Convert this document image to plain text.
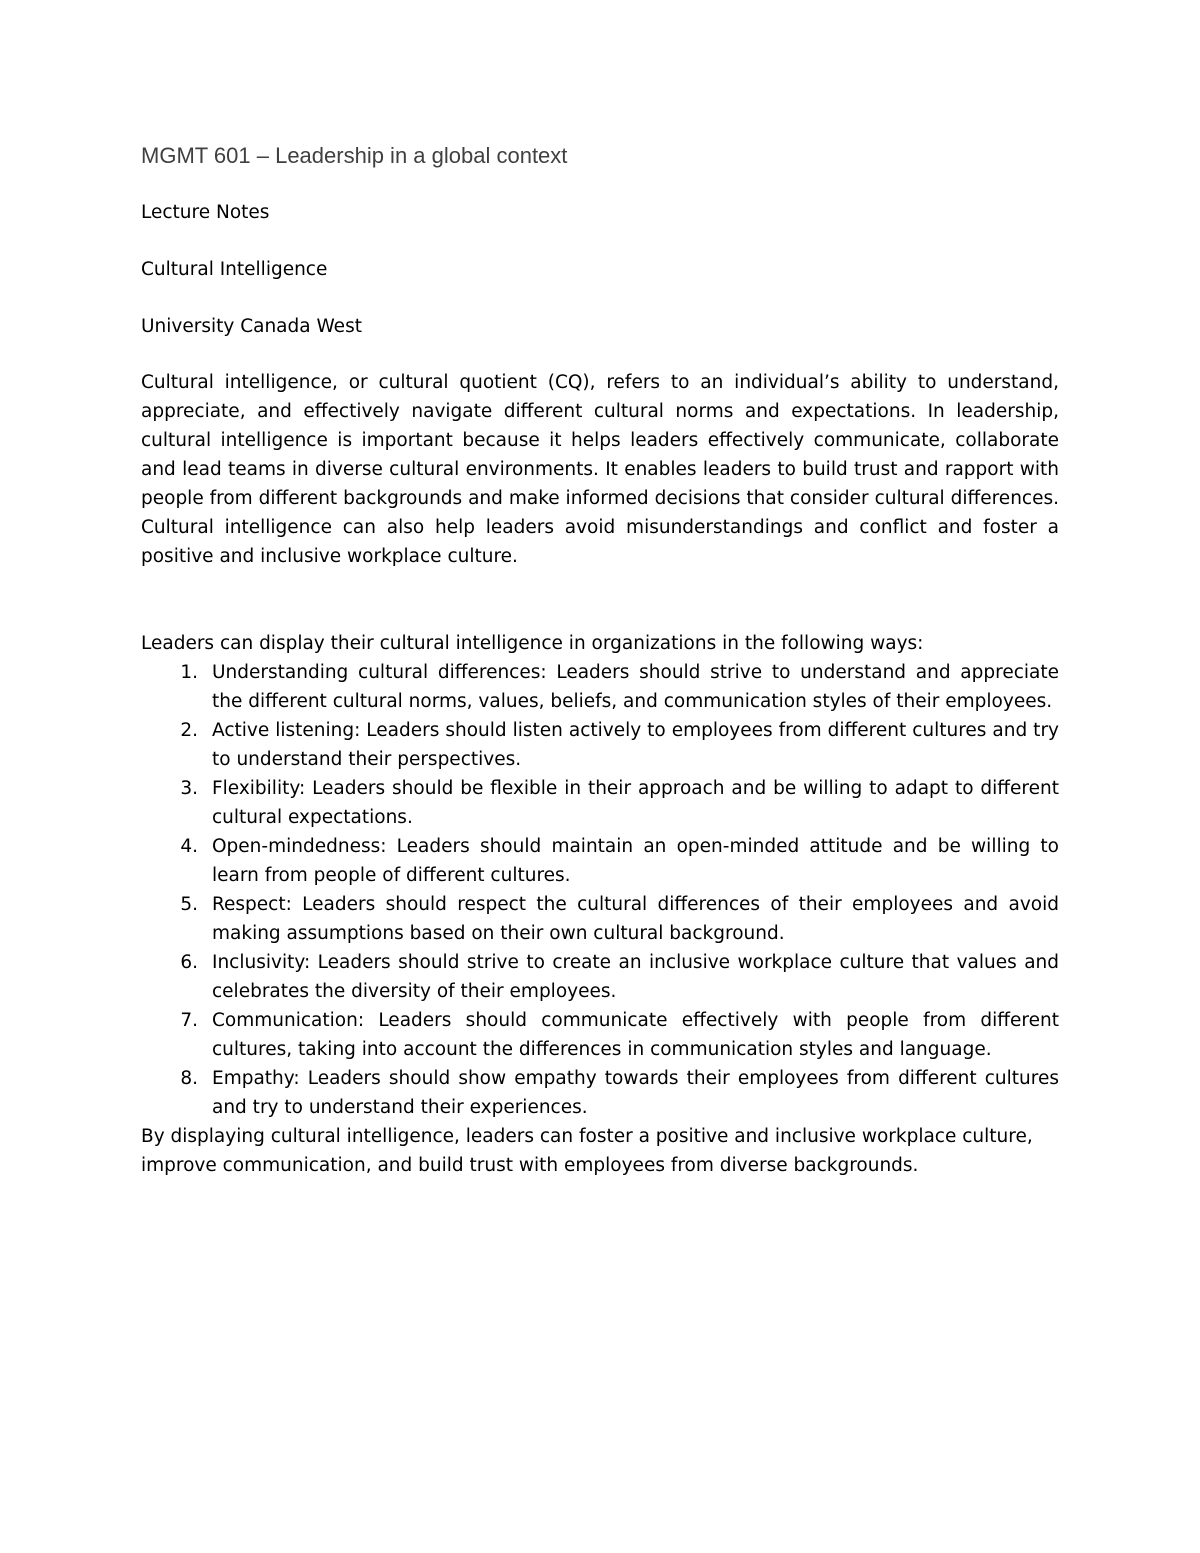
MGMT 601 – Leadership in a global context
Lecture Notes
Cultural Intelligence
University Canada West

Cultural intelligence, or cultural quotient (CQ), refers to an individual’s ability to understand, appreciate, and effectively navigate different cultural norms and expectations. In leadership, cultural intelligence is important because it helps leaders effectively communicate, collaborate and lead teams in diverse cultural environments. It enables leaders to build trust and rapport with people from different backgrounds and make informed decisions that consider cultural differences. Cultural intelligence can also help leaders avoid misunderstandings and conflict and foster a positive and inclusive workplace culture.

Leaders can display their cultural intelligence in organizations in the following ways:

1. Understanding cultural differences: Leaders should strive to understand and appreciate the different cultural norms, values, beliefs, and communication styles of their employees.
2. Active listening: Leaders should listen actively to employees from different cultures and try to understand their perspectives.
3. Flexibility: Leaders should be flexible in their approach and be willing to adapt to different cultural expectations.
4. Open-mindedness: Leaders should maintain an open-minded attitude and be willing to learn from people of different cultures.
5. Respect: Leaders should respect the cultural differences of their employees and avoid making assumptions based on their own cultural background.
6. Inclusivity: Leaders should strive to create an inclusive workplace culture that values and celebrates the diversity of their employees.
7. Communication: Leaders should communicate effectively with people from different cultures, taking into account the differences in communication styles and language.
8. Empathy: Leaders should show empathy towards their employees from different cultures and try to understand their experiences.

By displaying cultural intelligence, leaders can foster a positive and inclusive workplace culture, improve communication, and build trust with employees from diverse backgrounds.
